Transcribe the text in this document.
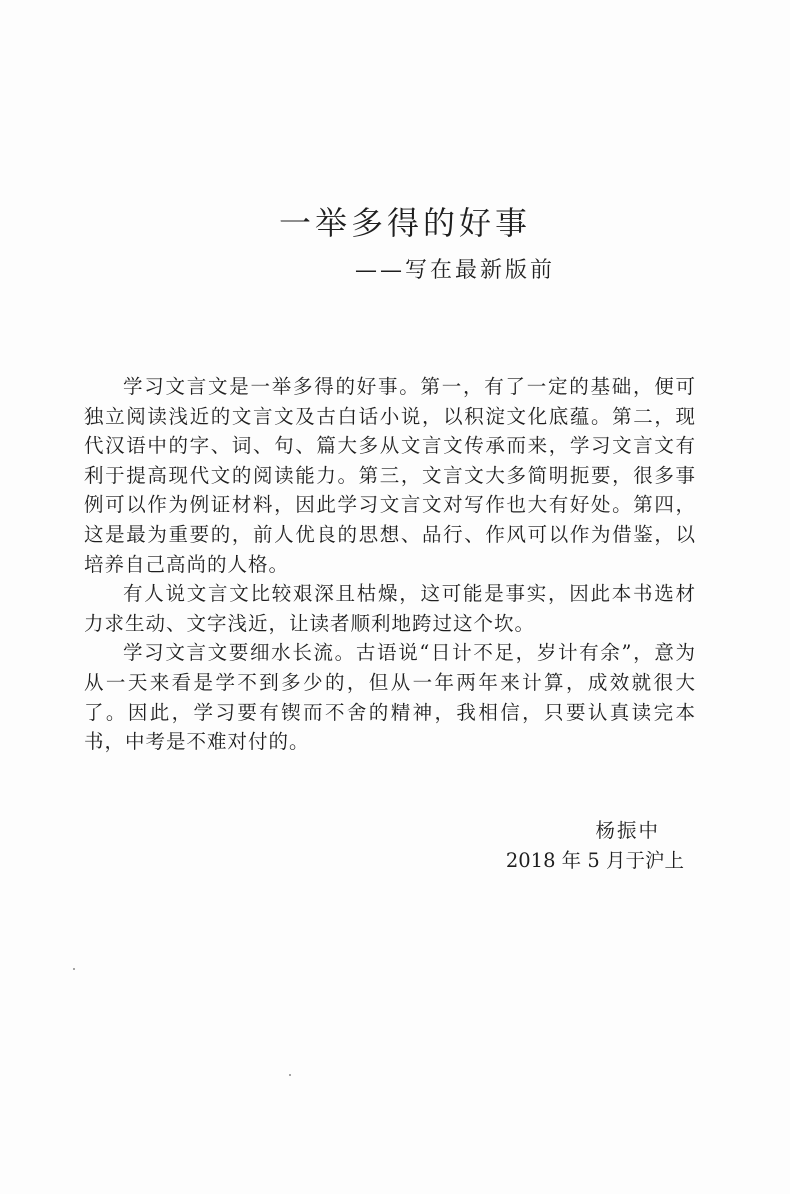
一举多得的好事
——写在最新版前

学习文言文是一举多得的好事。第一，有了一定的基础，便可独立阅读浅近的文言文及古白话小说，以积淀文化底蕴。第二，现代汉语中的字、词、句、篇大多从文言文传承而来，学习文言文有利于提高现代文的阅读能力。第三，文言文大多简明扼要，很多事例可以作为例证材料，因此学习文言文对写作也大有好处。第四，这是最为重要的，前人优良的思想、品行、作风可以作为借鉴，以培养自己高尚的人格。

有人说文言文比较艰深且枯燥，这可能是事实，因此本书选材力求生动、文字浅近，让读者顺利地跨过这个坎。

学习文言文要细水长流。古语说“日计不足，岁计有余”，意为从一天来看是学不到多少的，但从一年两年来计算，成效就很大了。因此，学习要有锲而不舍的精神，我相信，只要认真读完本书，中考是不难对付的。

杨振中
2018 年 5 月于沪上
